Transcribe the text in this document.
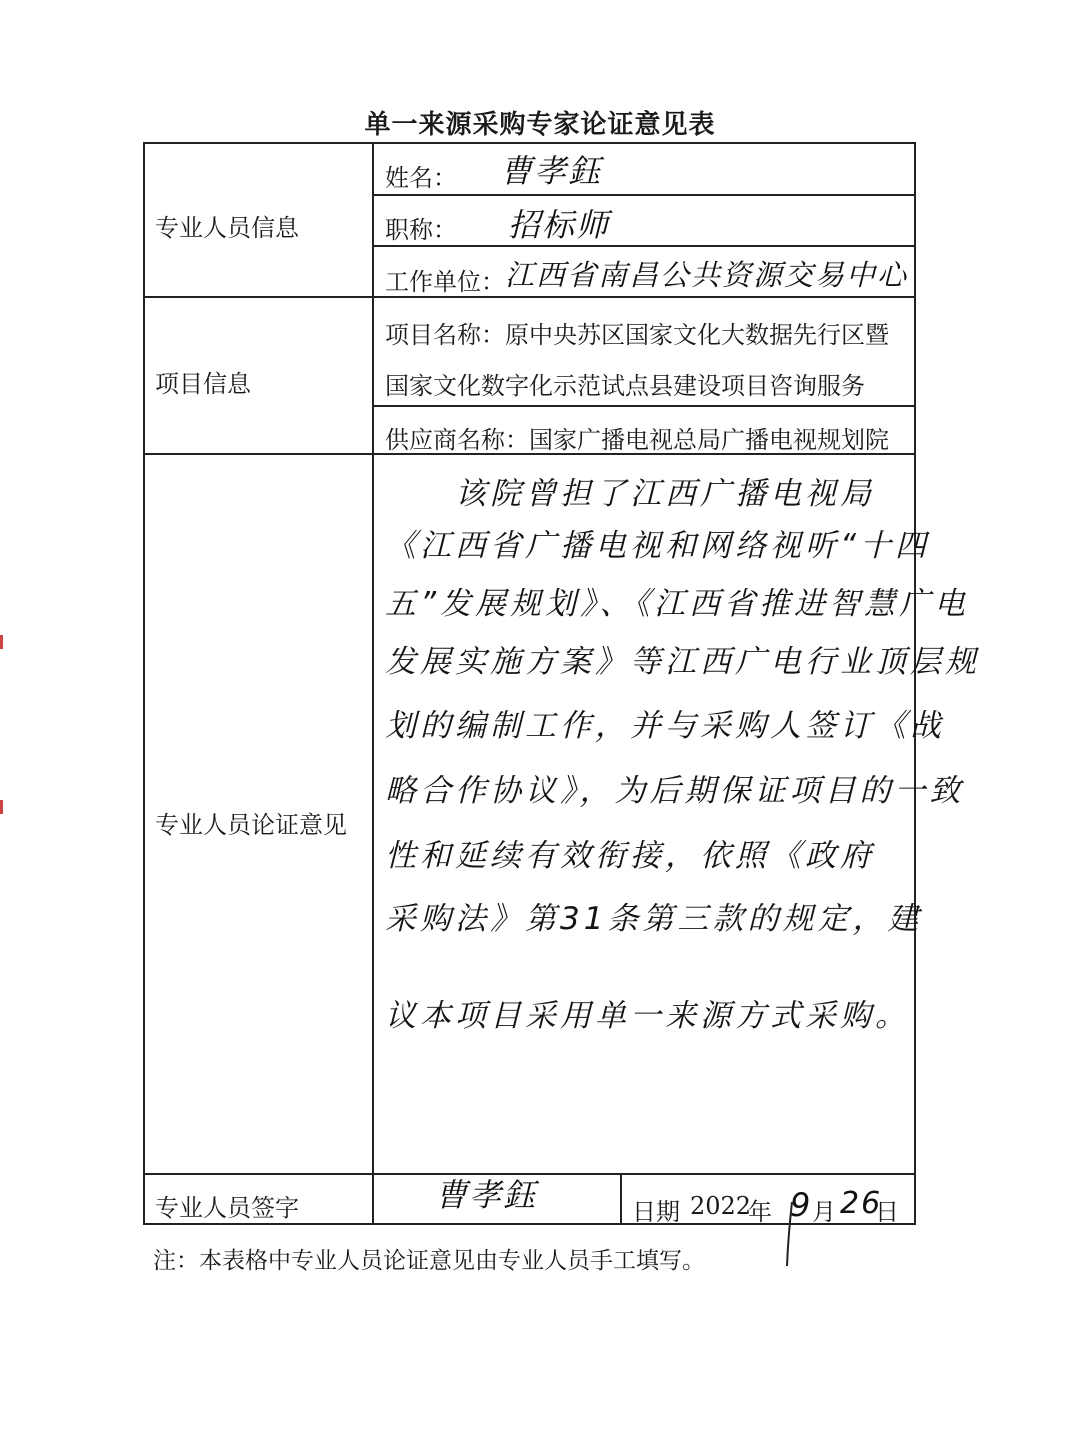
单一来源采购专家论证意见表
专业人员信息
姓名： 曹孝鈺
职称： 招标师
工作单位： 江西省南昌公共资源交易中心
项目信息
项目名称：原中央苏区国家文化大数据先行区暨
国家文化数字化示范试点县建设项目咨询服务
供应商名称：国家广播电视总局广播电视规划院
专业人员论证意见
该院曾担了江西广播电视局
《江西省广播电视和网络视听“十四
五”发展规划》、《江西省推进智慧广电
发展实施方案》等江西广电行业顶层规
划的编制工作，并与采购人签订《战
略合作协议》，为后期保证项目的一致
性和延续有效衔接，依照《政府
采购法》第31条第三款的规定，建
议本项目采用单一来源方式采购。
专业人员签字	曹孝鈺	日期 2022
年 9 月 26
日
注：本表格中专业人员论证意见由专业人员手工填写。
